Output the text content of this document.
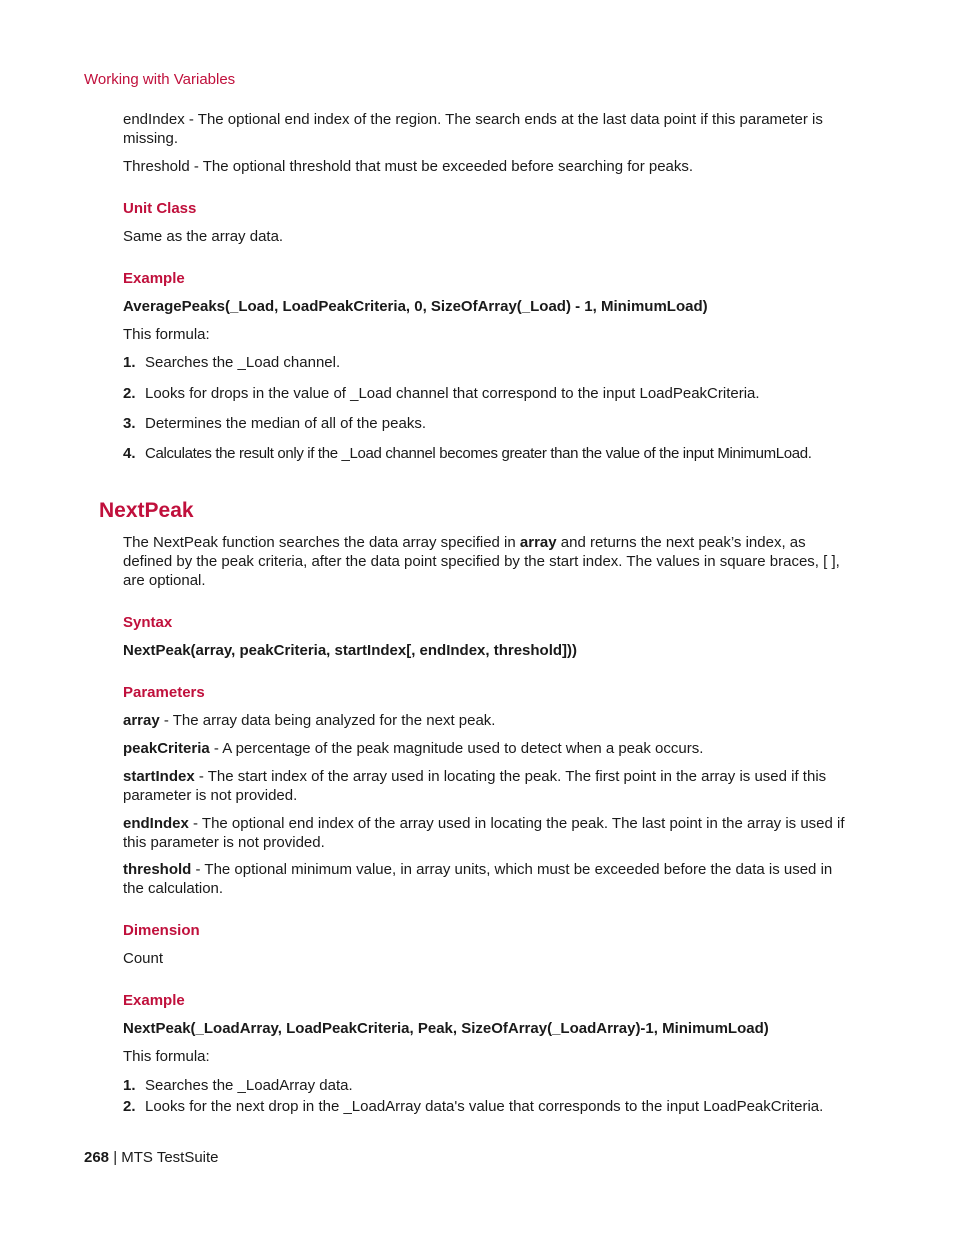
Working with Variables

endIndex - The optional end index of the region. The search ends at the last data point if this parameter is missing.

Threshold - The optional threshold that must be exceeded before searching for peaks.

Unit Class

Same as the array data.

Example

AveragePeaks(_Load, LoadPeakCriteria, 0, SizeOfArray(_Load) - 1, MinimumLoad)

This formula:

1. Searches the _Load channel.
2. Looks for drops in the value of _Load channel that correspond to the input LoadPeakCriteria.
3. Determines the median of all of the peaks.
4. Calculates the result only if the _Load channel becomes greater than the value of the input MinimumLoad.
NextPeak

The NextPeak function searches the data array specified in array and returns the next peak’s index, as defined by the peak criteria, after the data point specified by the start index. The values in square braces, [ ], are optional.

Syntax

NextPeak(array, peakCriteria, startIndex[, endIndex, threshold]))

Parameters

array - The array data being analyzed for the next peak.

peakCriteria - A percentage of the peak magnitude used to detect when a peak occurs.

startIndex - The start index of the array used in locating the peak. The first point in the array is used if this parameter is not provided.

endIndex - The optional end index of the array used in locating the peak. The last point in the array is used if this parameter is not provided.

threshold - The optional minimum value, in array units, which must be exceeded before the data is used in the calculation.

Dimension

Count

Example

NextPeak(_LoadArray, LoadPeakCriteria, Peak, SizeOfArray(_LoadArray)-1, MinimumLoad)

This formula:

1. Searches the _LoadArray data.
2. Looks for the next drop in the _LoadArray data's value that corresponds to the input LoadPeakCriteria.
268 | MTS TestSuite
